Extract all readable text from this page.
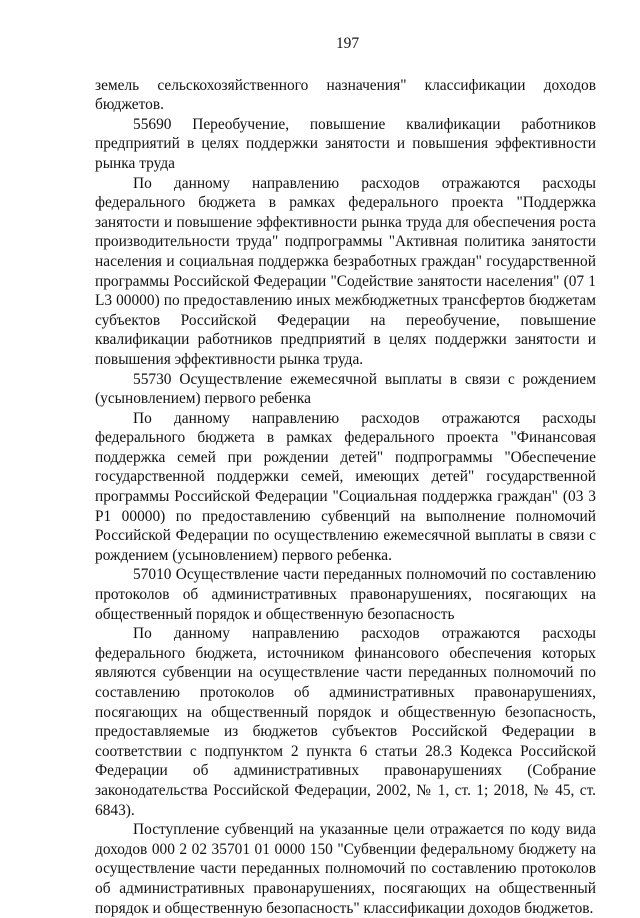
197

земель сельскохозяйственного назначения" классификации доходов бюджетов.

55690 Переобучение, повышение квалификации работников предприятий в целях поддержки занятости и повышения эффективности рынка труда

По данному направлению расходов отражаются расходы федерального бюджета в рамках федерального проекта "Поддержка занятости и повышение эффективности рынка труда для обеспечения роста производительности труда" подпрограммы "Активная политика занятости населения и социальная поддержка безработных граждан" государственной программы Российской Федерации "Содействие занятости населения" (07 1 L3 00000) по предоставлению иных межбюджетных трансфертов бюджетам субъектов Российской Федерации на переобучение, повышение квалификации работников предприятий в целях поддержки занятости и повышения эффективности рынка труда.

55730 Осуществление ежемесячной выплаты в связи с рождением (усыновлением) первого ребенка

По данному направлению расходов отражаются расходы федерального бюджета в рамках федерального проекта "Финансовая поддержка семей при рождении детей" подпрограммы "Обеспечение государственной поддержки семей, имеющих детей" государственной программы Российской Федерации "Социальная поддержка граждан" (03 3 P1 00000) по предоставлению субвенций на выполнение полномочий Российской Федерации по осуществлению ежемесячной выплаты в связи с рождением (усыновлением) первого ребенка.

57010 Осуществление части переданных полномочий по составлению протоколов об административных правонарушениях, посягающих на общественный порядок и общественную безопасность

По данному направлению расходов отражаются расходы федерального бюджета, источником финансового обеспечения которых являются субвенции на осуществление части переданных полномочий по составлению протоколов об административных правонарушениях, посягающих на общественный порядок и общественную безопасность, предоставляемые из бюджетов субъектов Российской Федерации в соответствии с подпунктом 2 пункта 6 статьи 28.3 Кодекса Российской Федерации об административных правонарушениях (Собрание законодательства Российской Федерации, 2002, № 1, ст. 1; 2018, № 45, ст. 6843).

Поступление субвенций на указанные цели отражается по коду вида доходов 000 2 02 35701 01 0000 150 "Субвенции федеральному бюджету на осуществление части переданных полномочий по составлению протоколов об административных правонарушениях, посягающих на общественный порядок и общественную безопасность" классификации доходов бюджетов.
